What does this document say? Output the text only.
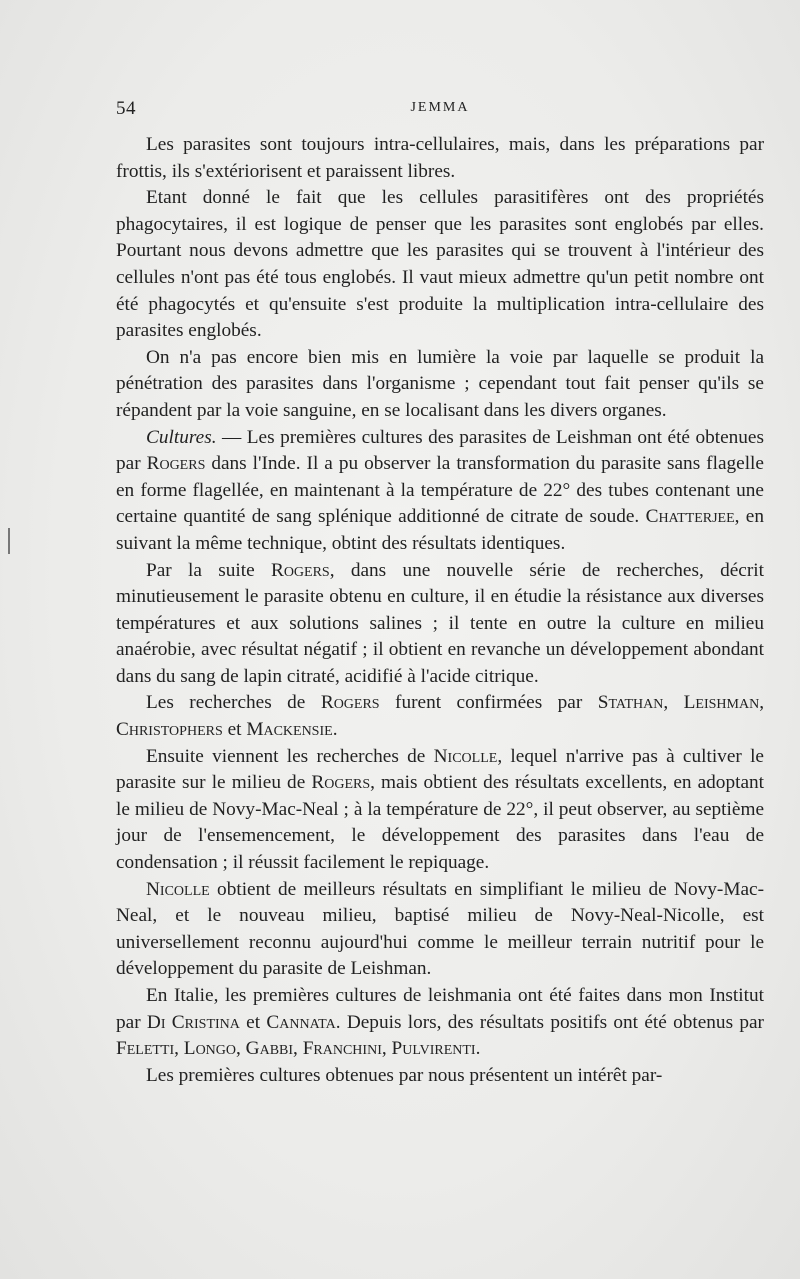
54	JEMMA

Les parasites sont toujours intra-cellulaires, mais, dans les préparations par frottis, ils s'extériorisent et paraissent libres.

Etant donné le fait que les cellules parasitifères ont des propriétés phagocytaires, il est logique de penser que les parasites sont englobés par elles. Pourtant nous devons admettre que les parasites qui se trouvent à l'intérieur des cellules n'ont pas été tous englobés. Il vaut mieux admettre qu'un petit nombre ont été phagocytés et qu'ensuite s'est produite la multiplication intra-cellulaire des parasites englobés.

On n'a pas encore bien mis en lumière la voie par laquelle se produit la pénétration des parasites dans l'organisme ; cependant tout fait penser qu'ils se répandent par la voie sanguine, en se localisant dans les divers organes.

Cultures. — Les premières cultures des parasites de Leishman ont été obtenues par Rogers dans l'Inde. Il a pu observer la transformation du parasite sans flagelle en forme flagellée, en maintenant à la température de 22° des tubes contenant une certaine quantité de sang splénique additionné de citrate de soude. Chatterjee, en suivant la même technique, obtint des résultats identiques.

Par la suite Rogers, dans une nouvelle série de recherches, décrit minutieusement le parasite obtenu en culture, il en étudie la résistance aux diverses températures et aux solutions salines ; il tente en outre la culture en milieu anaérobie, avec résultat négatif ; il obtient en revanche un développement abondant dans du sang de lapin citraté, acidifié à l'acide citrique.

Les recherches de Rogers furent confirmées par Stathan, Leishman, Christophers et Mackensie.

Ensuite viennent les recherches de Nicolle, lequel n'arrive pas à cultiver le parasite sur le milieu de Rogers, mais obtient des résultats excellents, en adoptant le milieu de Novy-Mac-Neal ; à la température de 22°, il peut observer, au septième jour de l'ensemencement, le développement des parasites dans l'eau de condensation ; il réussit facilement le repiquage.

Nicolle obtient de meilleurs résultats en simplifiant le milieu de Novy-Mac-Neal, et le nouveau milieu, baptisé milieu de Novy-Neal-Nicolle, est universellement reconnu aujourd'hui comme le meilleur terrain nutritif pour le développement du parasite de Leishman.

En Italie, les premières cultures de leishmania ont été faites dans mon Institut par Di Cristina et Cannata. Depuis lors, des résultats positifs ont été obtenus par Feletti, Longo, Gabbi, Franchini, Pulvirenti.

Les premières cultures obtenues par nous présentent un intérêt par-
